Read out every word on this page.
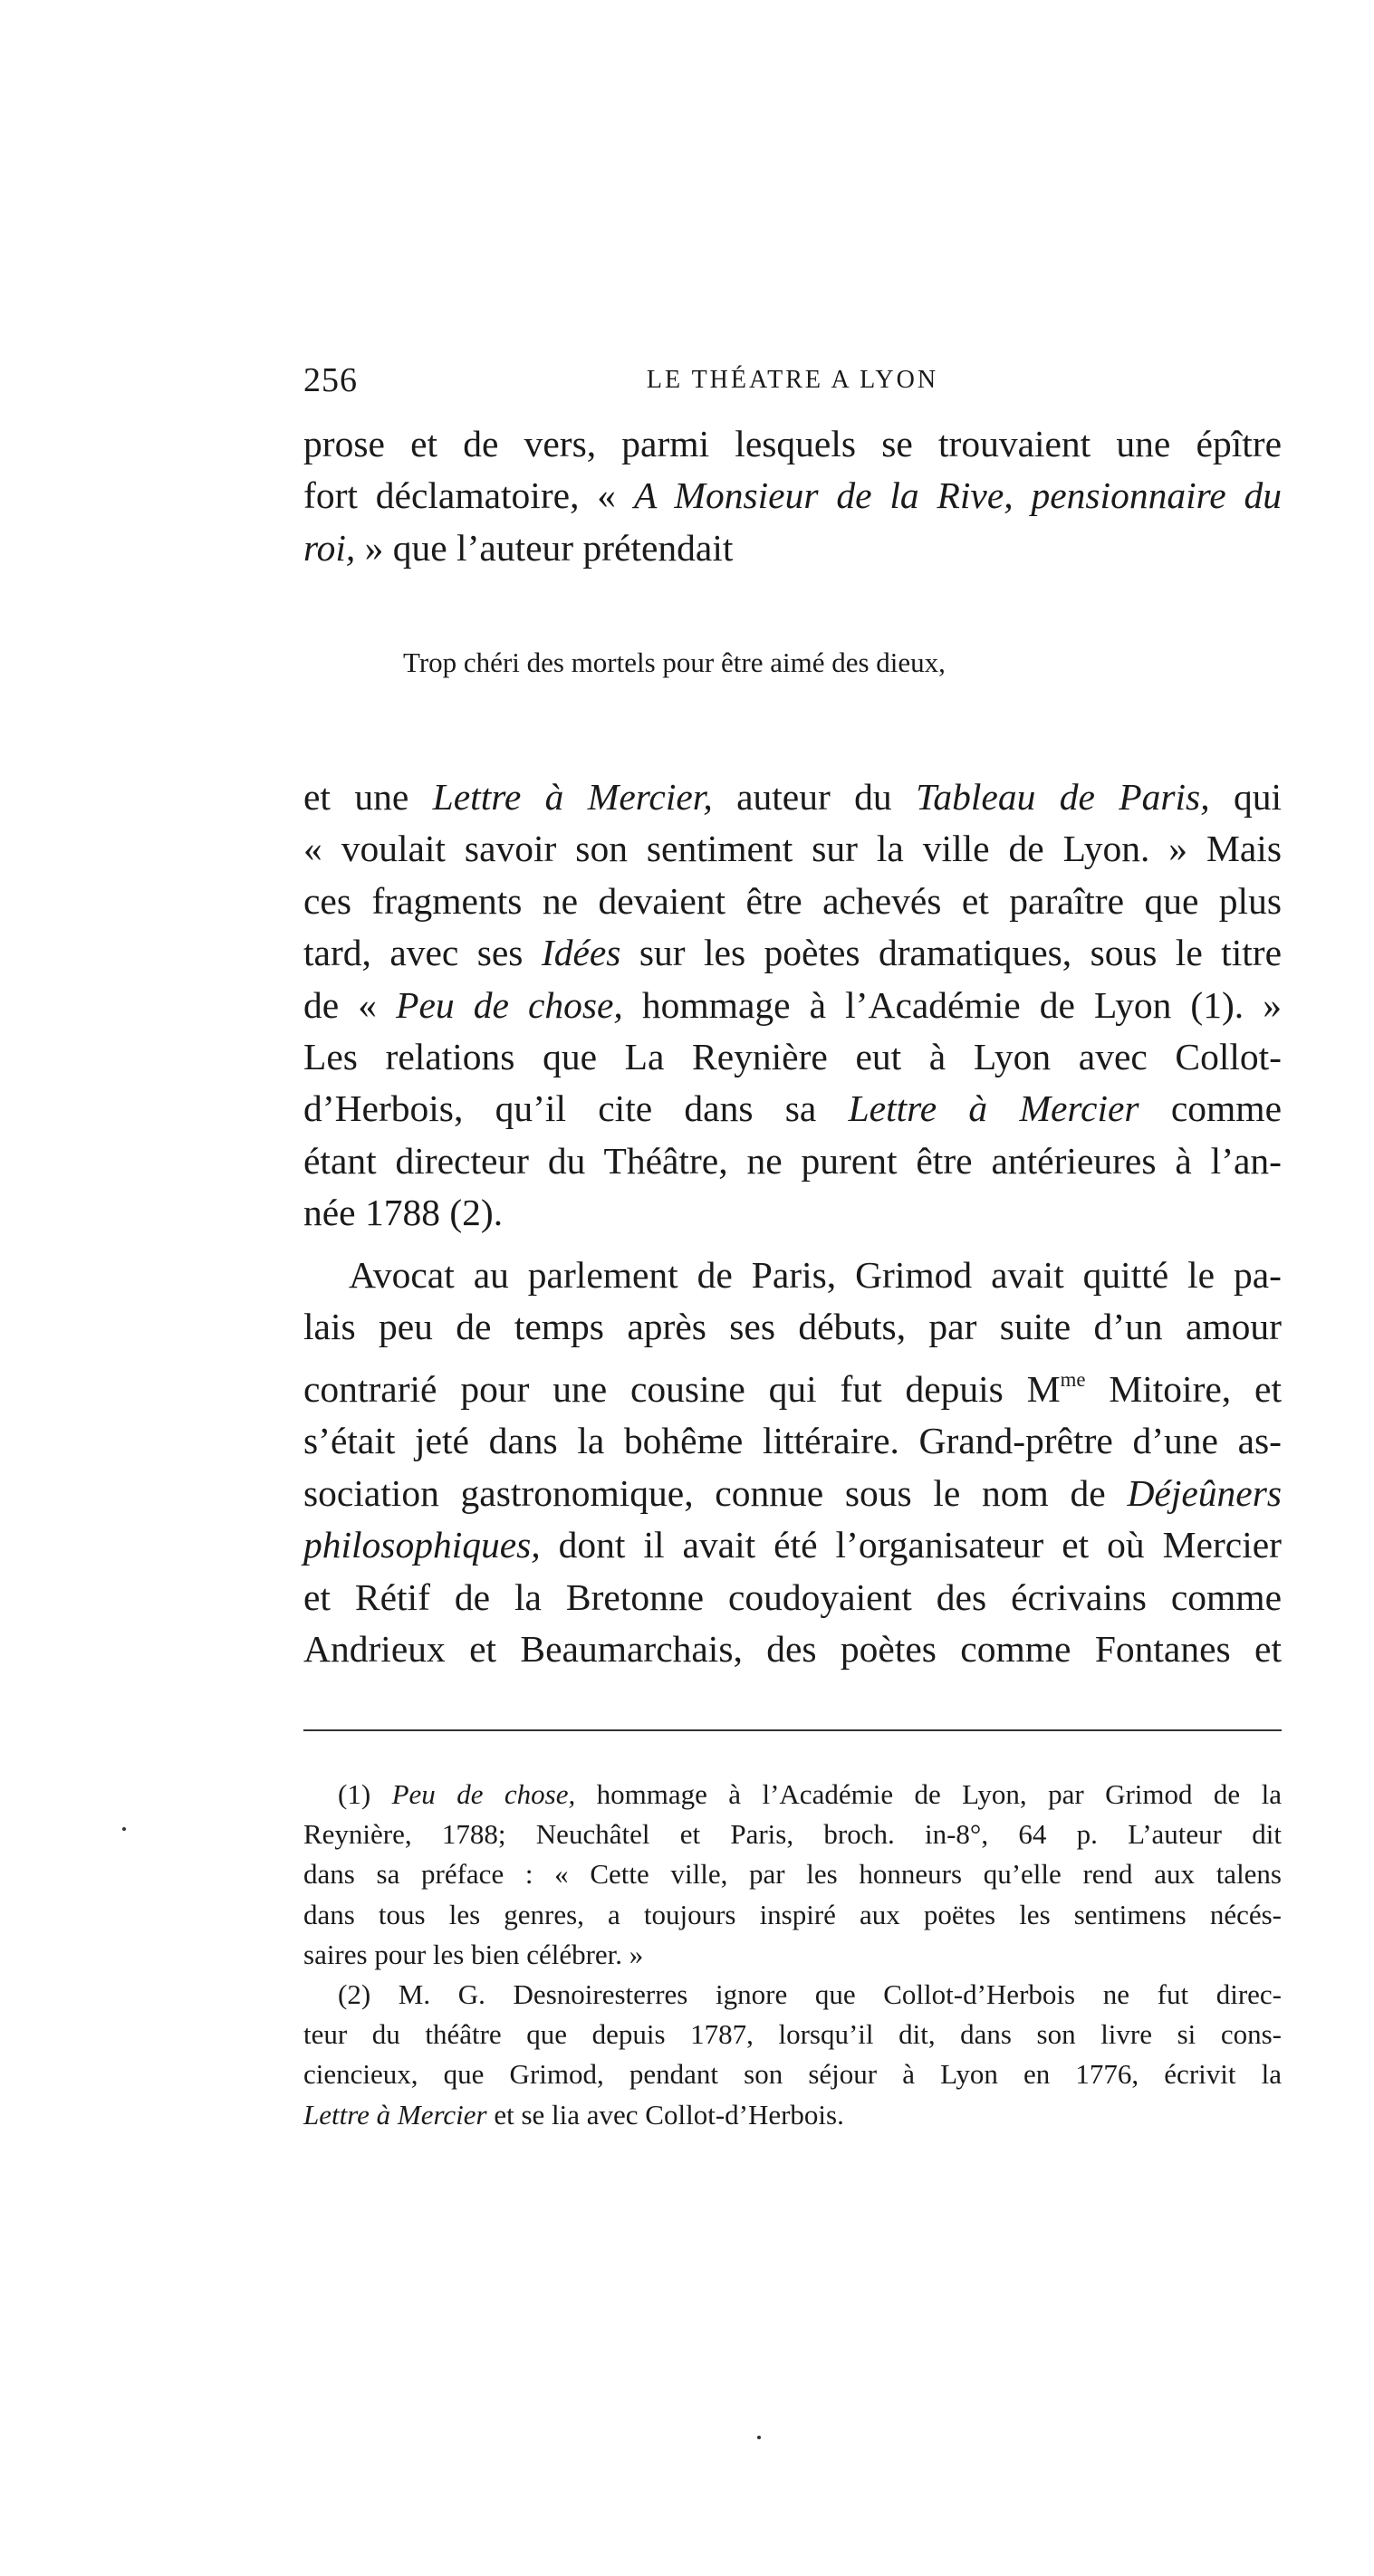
256	LE THÉATRE A LYON
prose et de vers, parmi lesquels se trouvaient une épître
fort déclamatoire, « A Monsieur de la Rive, pensionnaire du
roi, » que l’auteur prétendait

Trop chéri des mortels pour être aimé des dieux,

et une Lettre à Mercier, auteur du Tableau de Paris, qui
« voulait savoir son sentiment sur la ville de Lyon. » Mais
ces fragments ne devaient être achevés et paraître que plus
tard, avec ses Idées sur les poètes dramatiques, sous le titre
de « Peu de chose, hommage à l’Académie de Lyon (1). »
Les relations que La Reynière eut à Lyon avec Collot-
d’Herbois, qu’il cite dans sa Lettre à Mercier comme
étant directeur du Théâtre, ne purent être antérieures à l’an-
née 1788 (2).
Avocat au parlement de Paris, Grimod avait quitté le pa-
lais peu de temps après ses débuts, par suite d’un amour
contrarié pour une cousine qui fut depuis $M^{me}$ Mitoire, et
s’était jeté dans la bohême littéraire. Grand-prêtre d’une as-
sociation gastronomique, connue sous le nom de Déjeûners
philosophiques, dont il avait été l’organisateur et où Mercier
et Rétif de la Bretonne coudoyaient des écrivains comme
Andrieux et Beaumarchais, des poètes comme Fontanes et
(1) Peu de chose, hommage à l’Académie de Lyon, par Grimod de la
Reynière, 1788; Neuchâtel et Paris, broch. in-8°, 64 p. L’auteur dit
dans sa préface : « Cette ville, par les honneurs qu’elle rend aux talens
dans tous les genres, a toujours inspiré aux poëtes les sentimens nécés-
saires pour les bien célébrer. »
(2) M. G. Desnoiresterres ignore que Collot-d’Herbois ne fut direc-
teur du théâtre que depuis 1787, lorsqu’il dit, dans son livre si cons-
ciencieux, que Grimod, pendant son séjour à Lyon en 1776, écrivit la
Lettre à Mercier et se lia avec Collot-d’Herbois.
